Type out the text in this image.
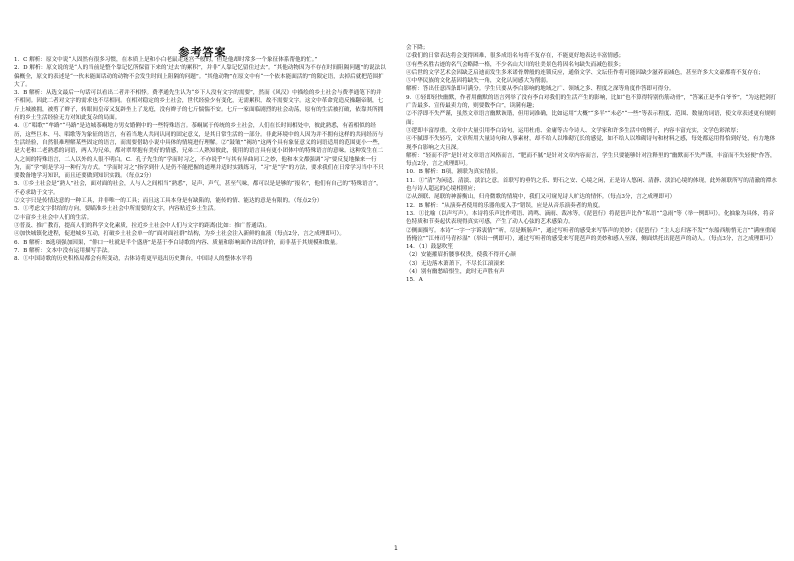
参考答案

1．C 解析：原文中说“人固然有很多习惯，在本质上是和小白老鼠走迷宫一般的，但是他却时常多一个象征体系帮他的忙。”

2．D 解析：原文说的是“人的当前是整个靠记忆所保留下来的‘过去’的累积”，并非“人靠记忆留住过去”。“其他动物因为不存在时间阻隔问题”的说法以偏概全，原文的表述是“一伙未能面话动的动物不会发生时间上阻隔的问题”。“其他动物”在原文中有“一个依本能面活的”的限定语，去掉后就把范围扩大了。

3．B 解析：从选文最后一句话可以看出二者并不相悖。费孝通先生认为“乡下人没有文字的需要”，然而《风汉》中描绘的乡土社会与费孝通笔下的并不相同。因此二者对文字的需求也不尽相同。在相对稳定的乡土社会，世代经验少有变化，无需累积，故不需要文字。这文中革命党造反操翻帝制，七斤上城被拥，被剪了辫子，转眼间皇帝又复辟坐上了龙庭，没有辫子的七斤惴惴不安。七斤一家面临剧烈的社会动荡，原有的生活被打破，依靠其所拥有的乡土生活经验无力对知此复杂的局面。

4．①“唱歌”“牟路”“马路”是边城茶峒地方男女婚俐中的一些特殊语言。茶峒属于传统的乡土社会，人们在长时间相处中，彼此熟悉，有着相似的经历，这些巨本、马、唱歌等为象征的语言，有着当地人共同认同的固定意义，是其日常生活的一部分。非此环境中的人因为并不拥有这样的共同经历与生活经验，自然很难理解某些固定的语言，而需要借助小说中具体的情境进行理解。②“鼓皱”“褐坊”这两个具有象征意义的词语适用的范围更小一些，是大老和二老熟悉的词语，两人为兄弟，都对翠翠抱有美好的情感，兄弟二人熟知彼此，使用的语言具有更小团体中的特殊语言的意味。这种发生在二人之间的特殊语言，二人以外的人很不明白。C．孔子先生的“学而时习之，不亦说乎”与其有异曲同工之妙，他和本文都强调“习”要反复地操来一行为，而“学”则是学习一种行为方式。“学而时习之”指学到什人是仍不能把握的道理并适时实践练习，“习”是“学”的方法，要求我们在日常学习当中不只要数备地学习知识，而且还要做到知识实践。（每点2分）

5．①乡土社会是“熟人”社会，面对面的社会，人与人之间相当“熟悉”，足声、声气，甚至气味，都可以是是够的“报名”，他们有自己的“特殊语言”，不必求助于文字。

②文字只是传情达意的一种工具，并非唯一的工具；而且这工具本身是有缺陷的，能传的情、能达的意是有限的。（每点2分）

5．①考虑文字供给的方向，要瞄准乡土社会中所需要的文字，内容贴近乡土生活。

②丰富乡土社会中人们的生活。

③普及、推广教育，提高人们的科学文化素质，拉近乡土社会中人们与文字的距离(比如：推广普通话)。

④加快城镇化进程，促进城乡互动，打破乡土社会单一的“面对面社群”结构，为乡土社会注入新鲜的血液（每点2分，言之成理即可）。

6．B 解析：B选项强加因果，“俳口一吐就是半个盛唐”是基于李白诗歌的内容、质量和影响面作出的评价，而非基于其规模和数量。

7．B 解析：文本中没有运用描写手法。

8．①中国诗歌的历史积格局都会有所变动，古体诗将更早退出历史舞台，中国诗人的整体水平将

会下降；

②我们的日常表达将会变得困难，很多成语名句将不复存在，不能更好地表达丰富情感；

③有些名胜古迹的名气会略降一格，不少名山大川的壮美景色将因名句缺失而减色很多；

④后世的文学艺术会因缺乏启迪而发生多米诺骨牌般的连锁反应，通俗文学、文坛佳作将可能因缺少滋养而减色，甚至许多大文豪都将不复存在；

⑤中华民族的文化基因将缺失一角，文化认同感大为削弱。

解析：答出任意四条即可满分。学生只要从李白影响的地域之广、领域之多、程度之深等角度作答即可得分。

9．①轻即轻快幽默，作者用幽默的语言列举了没有李白对我们的生活产生的影响，比如“也不算得特别伤筋动骨”，“答案正是李白爷爷”，“为这把剑打广告最多、宣传最卖力的，则要数李白”，读满有趣；

②不浮即不失严谨，虽然文章语言幽默诙谐，但用词准确，比如运用“大概”“多半”“未必”“一些”等表示程度、范围、数量的词语，使文章表述更有规则面；

③逻即丰富厚重，文章中大量引用李白诗句，运用杜甫、金庸等古今诗人、文学家和许多生活中的例子，内容丰富充实，文学色彩浓厚；

④不腻即不失轻巧，文章所用大量诗句和人事素材，却不给人以堆砌冗长的感觉，如不给人以堆砌诗句和材料之感，每处都运用得恰到好处，有力地体现李白影响之大且深。

解析：“轻而不浮”是针对文章语言风格而言，“肥而不腻”是针对文章内容而言，学生只要能够针对注释里的“幽默而不失严谨，丰富而不失轻便”作答，每点2分，言之成理即可。

10．B 解析：B项，颔联为真实情景。

11．①“清”为闲适、清淡、淡泊之意。首联写的垂钓之乐、野石之安、心境之闲，正是诗人悠闲、清静、淡泊心境的体现，此外颔联所写的清澈的潭水也与诗人超远的心境相照应；

②从颈联、尾联的神游衡山，归舟微歌的情境中，我们又可窥见诗人旷达的情怀。（每点3分，言之成理即可）

12．B 解析：“从演奏者使用的乐器角度入手”错误，应是从音乐演奏者的角度。

13．①比喻（以声写声）。本诗将乐声比作莺语、鸿鸣、滴雨、裁冰等，《琵琶行》将琵琶声比作“私语”“急雨”等（举一例即可）。化抽象为具体，将音色特质和节奏起伏表现得真实可感，产生了动人心弦的艺术感染力。

②侧面描写。本诗“一字一字诉衷情”“听，尽是断肠声”，通过写听者的感受来写筝声的美妙；《琵琶行》“主人忘归客不发”“东船西舫悄无言”“满座重闻皆掩泣”“江州司马青衫湿”（举出一例即可），通过写听者的感受来写琵琶声的美妙和感人至深，侧面烘托出琵琶声的动人。（每点3分，言之成理即可）

14．（1）鼓瑟吹笙

（2）安能摧眉折腰事权贵，使我不得开心颜

（3）无边落木萧萧下，不尽长江滚滚来

（4）别有幽愁暗恨生，此时无声胜有声

15．A

1
